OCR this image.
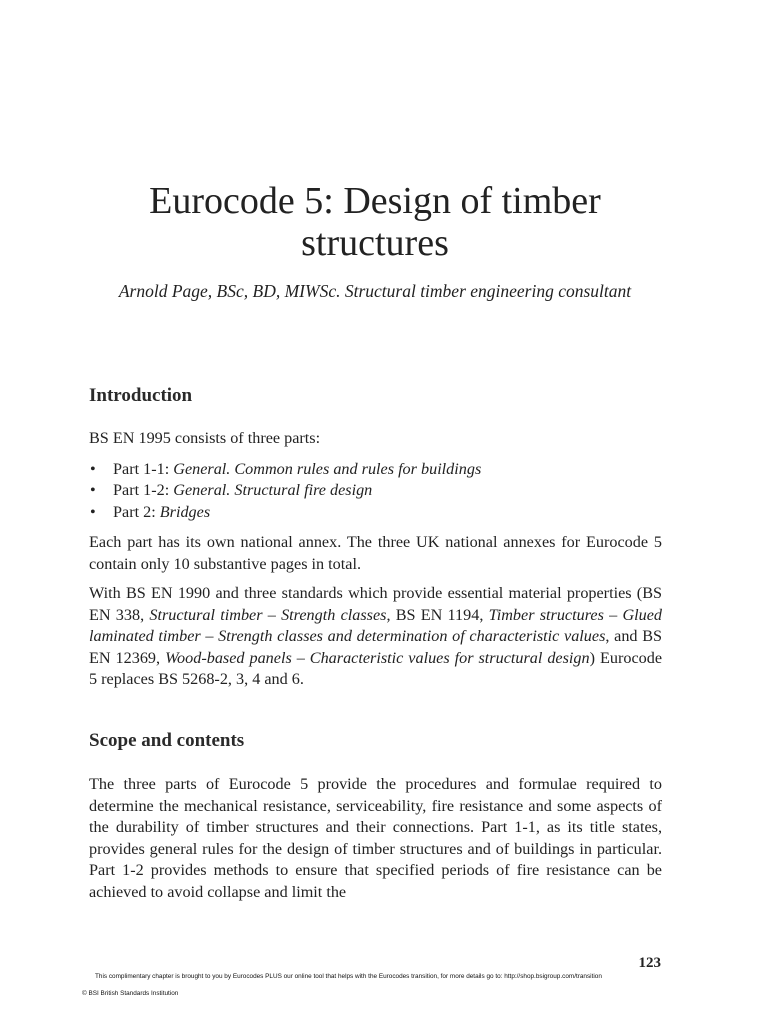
Eurocode 5: Design of timber structures

Arnold Page, BSc, BD, MIWSc. Structural timber engineering consultant

Introduction

BS EN 1995 consists of three parts:

• Part 1-1: General. Common rules and rules for buildings
• Part 1-2: General. Structural fire design
• Part 2: Bridges

Each part has its own national annex. The three UK national annexes for Eurocode 5 contain only 10 substantive pages in total.

With BS EN 1990 and three standards which provide essential material properties (BS EN 338, Structural timber – Strength classes, BS EN 1194, Timber structures – Glued laminated timber – Strength classes and determination of characteristic values, and BS EN 12369, Wood-based panels – Characteristic values for structural design) Eurocode 5 replaces BS 5268-2, 3, 4 and 6.

Scope and contents

The three parts of Eurocode 5 provide the procedures and formulae required to determine the mechanical resistance, serviceability, fire resistance and some aspects of the durability of timber structures and their connections. Part 1-1, as its title states, provides general rules for the design of timber structures and of buildings in particular. Part 1-2 provides methods to ensure that specified periods of fire resistance can be achieved to avoid collapse and limit the

123

This complimentary chapter is brought to you by Eurocodes PLUS our online tool that helps with the Eurocodes transition, for more details go to: http://shop.bsigroup.com/transition

© BSI British Standards Institution
